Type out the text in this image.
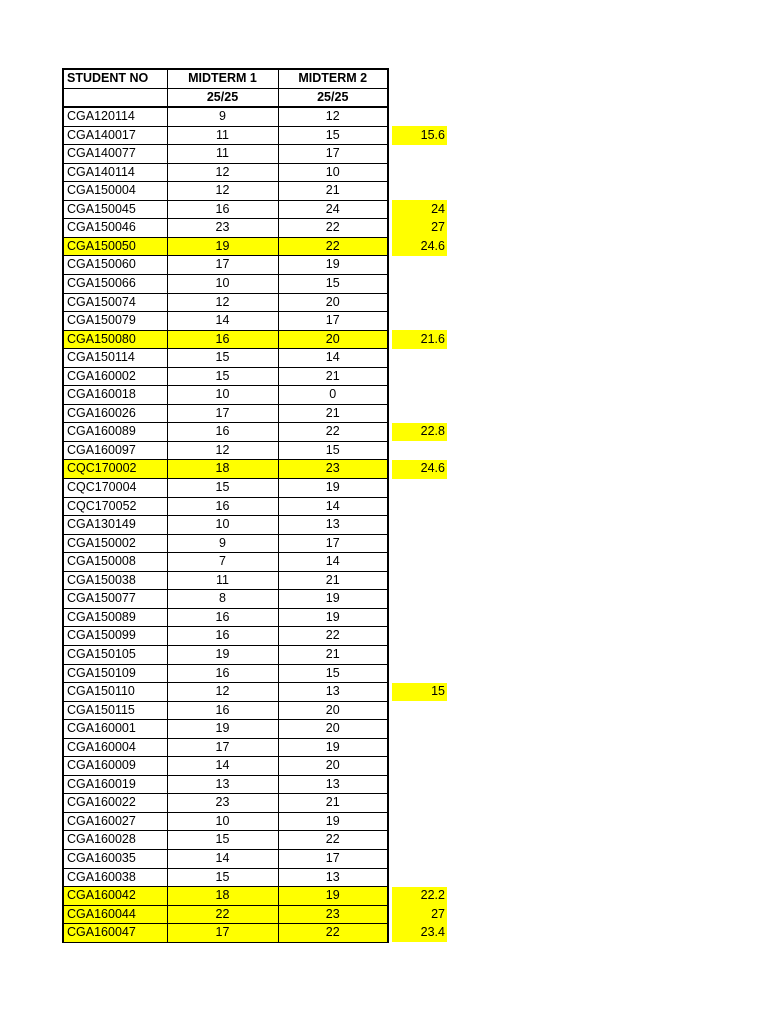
STUDENT NO	MIDTERM 1	MIDTERM 2		
	25/25	25/25		
CGA120114	9	12		
CGA140017	11	15		15.6
CGA140077	11	17		
CGA140114	12	10		
CGA150004	12	21		
CGA150045	16	24		24
CGA150046	23	22		27
CGA150050	19	22		24.6
CGA150060	17	19		
CGA150066	10	15		
CGA150074	12	20		
CGA150079	14	17		
CGA150080	16	20		21.6
CGA150114	15	14		
CGA160002	15	21		
CGA160018	10	0		
CGA160026	17	21		
CGA160089	16	22		22.8
CGA160097	12	15		
CQC170002	18	23		24.6
CQC170004	15	19		
CQC170052	16	14		
CGA130149	10	13		
CGA150002	9	17		
CGA150008	7	14		
CGA150038	11	21		
CGA150077	8	19		
CGA150089	16	19		
CGA150099	16	22		
CGA150105	19	21		
CGA150109	16	15		
CGA150110	12	13		15
CGA150115	16	20		
CGA160001	19	20		
CGA160004	17	19		
CGA160009	14	20		
CGA160019	13	13		
CGA160022	23	21		
CGA160027	10	19		
CGA160028	15	22		
CGA160035	14	17		
CGA160038	15	13		
CGA160042	18	19		22.2
CGA160044	22	23		27
CGA160047	17	22		23.4
